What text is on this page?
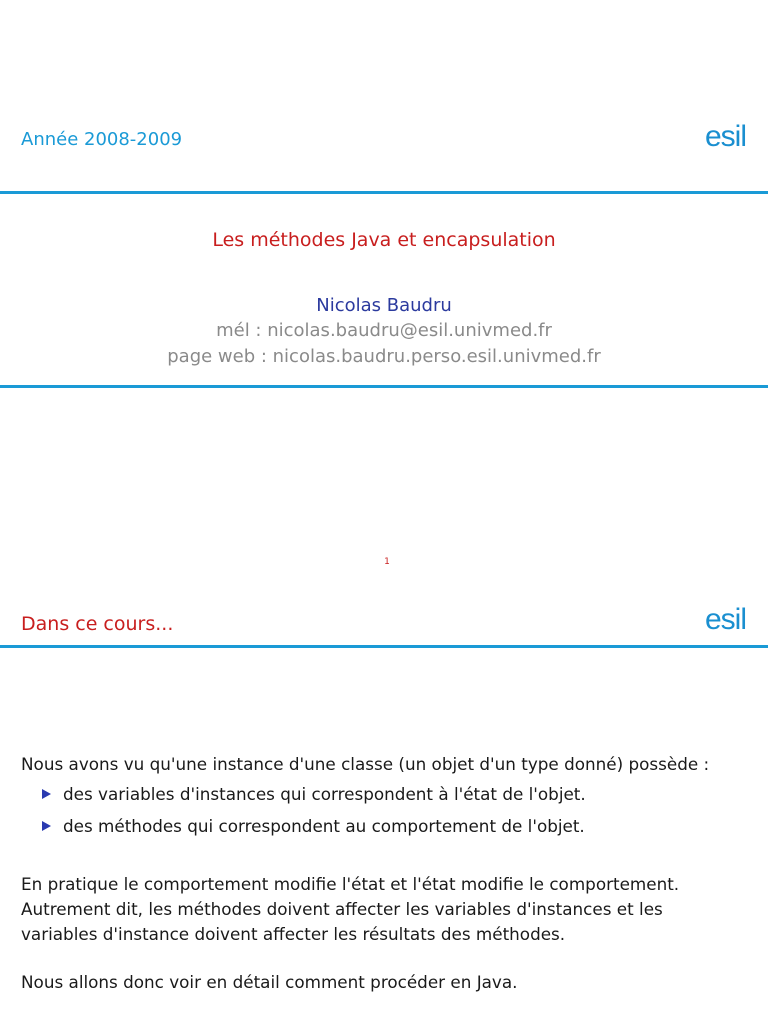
Année 2008-2009	esil
Les méthodes Java et encapsulation
Nicolas Baudru
mél : nicolas.baudru@esil.univmed.fr
page web : nicolas.baudru.perso.esil.univmed.fr
1
Dans ce cours...	esil
Nous avons vu qu'une instance d'une classe (un objet d'un type donné) possède :
des variables d'instances qui correspondent à l'état de l'objet.
des méthodes qui correspondent au comportement de l'objet.
En pratique le comportement modifie l'état et l'état modifie le comportement.
Autrement dit, les méthodes doivent affecter les variables d'instances et les
variables d'instance doivent affecter les résultats des méthodes.
Nous allons donc voir en détail comment procéder en Java.
